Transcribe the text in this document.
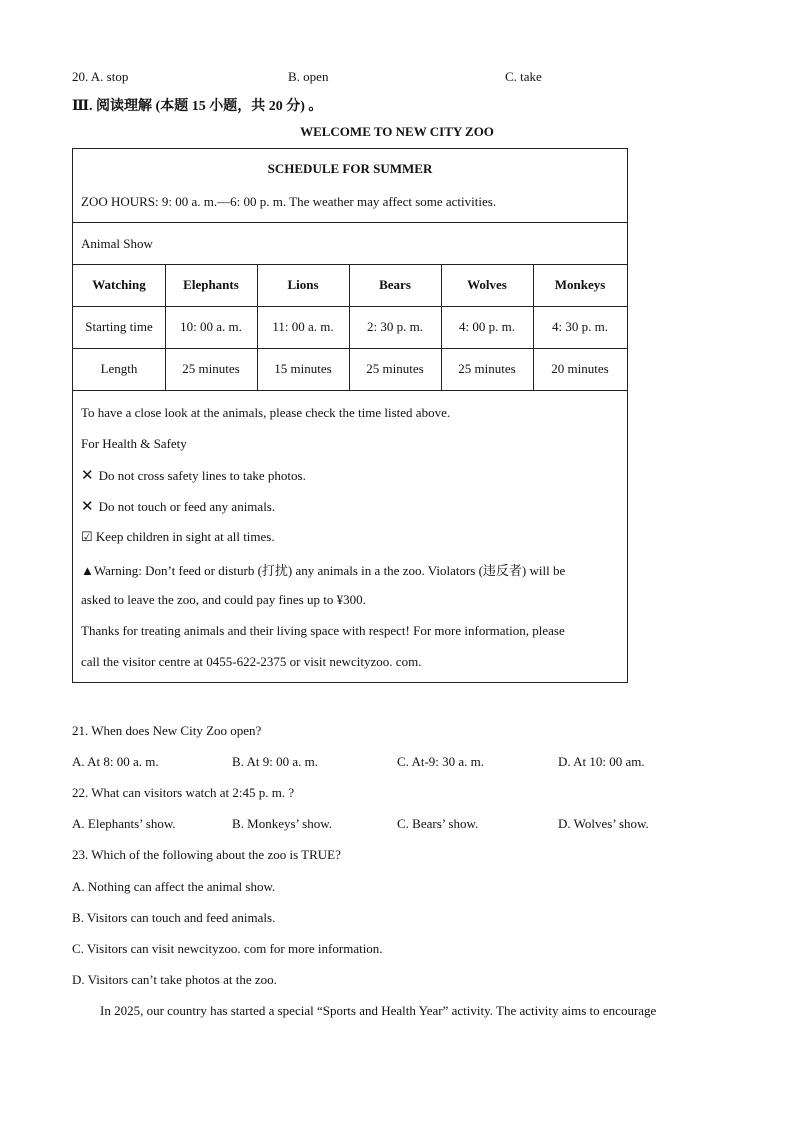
20. A. stop	B. open	C. take
Ⅲ. 阅读理解 (本题 15 小题，共 20 分) 。
WELCOME TO NEW CITY ZOO
SCHEDULE FOR SUMMER
ZOO HOURS: 9: 00 a. m.—6: 00 p. m. The weather may affect some activities.
Animal Show
Watching	Elephants	Lions	Bears	Wolves	Monkeys
Starting time	10: 00 a. m.	11: 00 a. m.	2: 30 p. m.	4: 00 p. m.	4: 30 p. m.
Length	25 minutes	15 minutes	25 minutes	25 minutes	20 minutes
To have a close look at the animals, please check the time listed above.
For Health & Safety
✕ Do not cross safety lines to take photos.
✕ Do not touch or feed any animals.
☑ Keep children in sight at all times.
▲Warning: Don’t feed or disturb (打扰) any animals in a the zoo. Violators (违反者) will be
asked to leave the zoo, and could pay fines up to ¥300.
Thanks for treating animals and their living space with respect! For more information, please
call the visitor centre at 0455-622-2375 or visit newcityzoo. com.
21. When does New City Zoo open?
A. At 8: 00 a. m.	B. At 9: 00 a. m.	C. At-9: 30 a. m.	D. At 10: 00 am.
22. What can visitors watch at 2:45 p. m. ?
A. Elephants’ show.	B. Monkeys’ show.	C. Bears’ show.	D. Wolves’ show.
23. Which of the following about the zoo is TRUE?
A. Nothing can affect the animal show.
B. Visitors can touch and feed animals.
C. Visitors can visit newcityzoo. com for more information.
D. Visitors can’t take photos at the zoo.
In 2025, our country has started a special “Sports and Health Year” activity. The activity aims to encourage
